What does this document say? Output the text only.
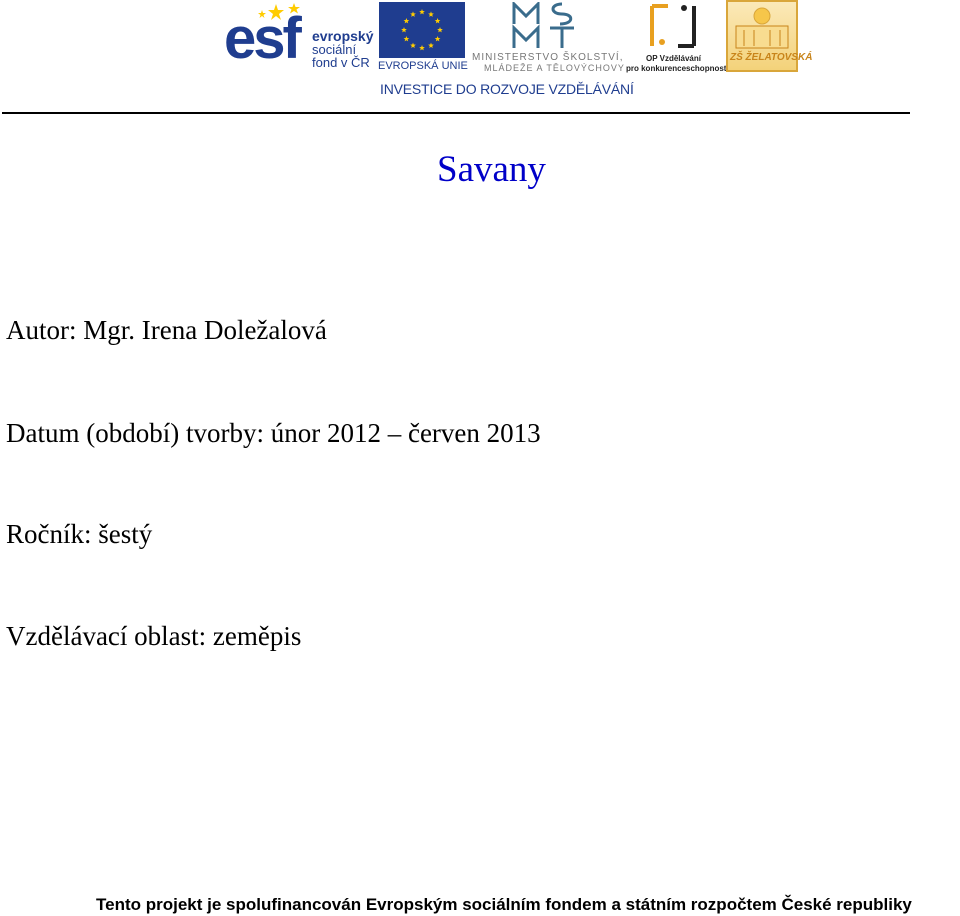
esf evropský
sociální
fond v ČR EVROPSKÁ UNIE
MINISTERSTVO ŠKOLSTVÍ,
MLÁDEŽE A TĚLOVÝCHOVY
OP Vzdělávání
pro konkurenceschopnost
ZŠ ŽELATOVSKÁ
INVESTICE DO ROZVOJE VZDĚLÁVÁNÍ
Savany
Autor: Mgr. Irena Doležalová
Datum (období) tvorby: únor 2012 – červen 2013
Ročník: šestý
Vzdělávací oblast: zeměpis
Tento projekt je spolufinancován Evropským sociálním fondem a státním rozpočtem České republiky
